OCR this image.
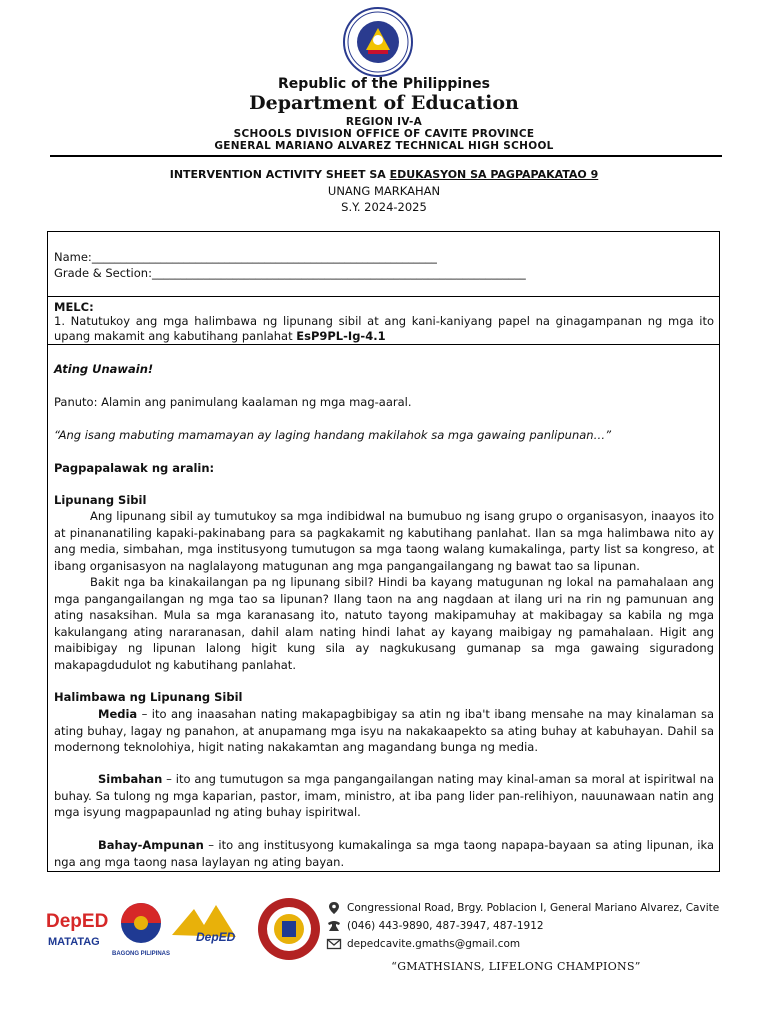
Republic of the Philippines
Department of Education
REGION IV-A
SCHOOLS DIVISION OFFICE OF CAVITE PROVINCE
GENERAL MARIANO ALVAREZ TECHNICAL HIGH SCHOOL
INTERVENTION ACTIVITY SHEET SA EDUKASYON SA PAGPAPAKATAO 9
UNANG MARKAHAN
S.Y. 2024-2025
Name:____________________________________________________________
Grade & Section:_________________________________________________________________
MELC:
1. Natutukoy ang mga halimbawa ng lipunang sibil at ang kani-kaniyang papel na ginagampanan ng mga ito upang makamit ang kabutihang panlahat EsP9PL-Ig-4.1
Ating Unawain!
Panuto: Alamin ang panimulang kaalaman ng mga mag-aaral.
“Ang isang mabuting mamamayan ay laging handang makilahok sa mga gawaing panlipunan…”
Pagpapalawak ng aralin:
Lipunang Sibil
Ang lipunang sibil ay tumutukoy sa mga indibidwal na bumubuo ng isang grupo o organisasyon, inaayos ito at pinananatiling kapaki-pakinabang para sa pagkakamit ng kabutihang panlahat. Ilan sa mga halimbawa nito ay ang media, simbahan, mga institusyong tumutugon sa mga taong walang kumakalinga, party list sa kongreso, at ibang organisasyon na naglalayong matugunan ang mga pangangailangang ng bawat tao sa lipunan.
Bakit nga ba kinakailangan pa ng lipunang sibil? Hindi ba kayang matugunan ng lokal na pamahalaan ang mga pangangailangan ng mga tao sa lipunan? Ilang taon na ang nagdaan at ilang uri na rin ng pamunuan ang ating nasaksihan. Mula sa mga karanasang ito, natuto tayong makipamuhay at makibagay sa kabila ng mga kakulangang ating nararanasan, dahil alam nating hindi lahat ay kayang maibigay ng pamahalaan. Higit ang maibibigay ng lipunan lalong higit kung sila ay nagkukusang gumanap sa mga gawaing siguradong makapagdudulot ng kabutihang panlahat.
Halimbawa ng Lipunang Sibil
Media – ito ang inaasahan nating makapagbibigay sa atin ng iba't ibang mensahe na may kinalaman sa ating buhay, lagay ng panahon, at anupamang mga isyu na nakakaapekto sa ating buhay at kabuhayan. Dahil sa modernong teknolohiya, higit nating nakakamtan ang magandang bunga ng media.
Simbahan – ito ang tumutugon sa mga pangangailangan nating may kinal-aman sa moral at ispiritwal na buhay. Sa tulong ng mga kaparian, pastor, imam, ministro, at iba pang lider pan-relihiyon, nauunawaan natin ang mga isyung magpapaunlad ng ating buhay ispiritwal.
Bahay-Ampunan – ito ang institusyong kumakalinga sa mga taong napapa-bayaan sa ating lipunan, ika nga ang mga taong nasa laylayan ng ating bayan.
DepED
MATATAG
BAGONG PILIPINAS
DepED
Congressional Road, Brgy. Poblacion I, General Mariano Alvarez, Cavite
(046) 443-9890, 487-3947, 487-1912
depedcavite.gmaths@gmail.com
“GMATHSIANS, LIFELONG CHAMPIONS”
